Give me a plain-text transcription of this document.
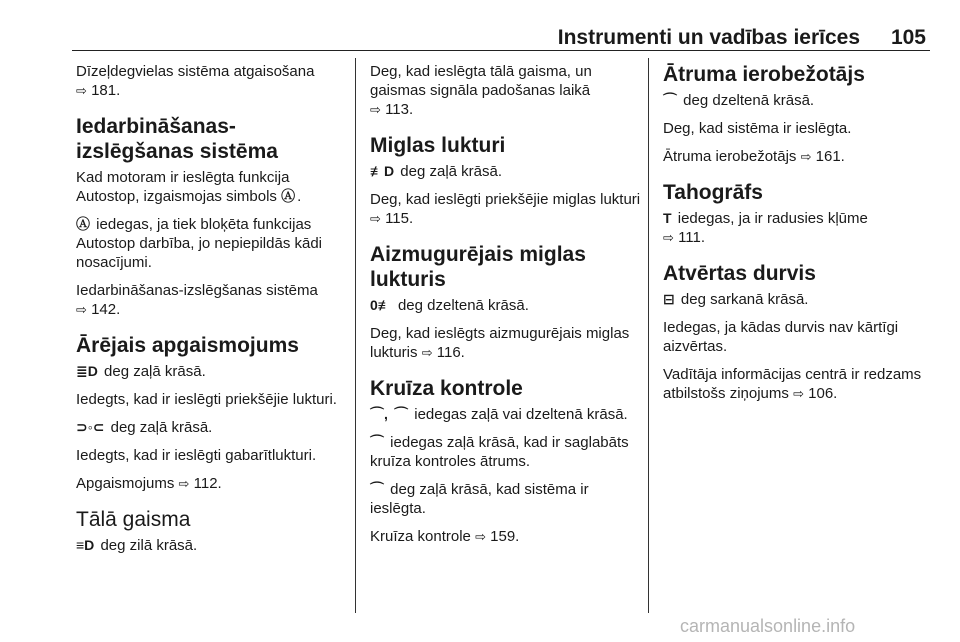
Instrumenti un vadības ierīces 105

Dīzeļdegvielas sistēma atgaisošana
⇨ 181.

Iedarbināšanas-izslēgšanas sistēma

Kad motoram ir ieslēgta funkcija Autostop, izgaismojas simbols Ⓐ .

Ⓐ iedegas, ja tiek bloķēta funkcijas Autostop darbība, jo nepiepildās kādi nosacījumi.

Iedarbināšanas-izslēgšanas sistēma
⇨ 142.

Ārējais apgaismojums

≣D deg zaļā krāsā.

Iedegts, kad ir ieslēgti priekšējie lukturi.

⊃◦⊂ deg zaļā krāsā.

Iedegts, kad ir ieslēgti gabarītlukturi.

Apgaismojums ⇨ 112.

Tālā gaisma

≡D deg zilā krāsā.

Deg, kad ieslēgta tālā gaisma, un gaismas signāla padošanas laikā
⇨ 113.

Miglas lukturi

≢D deg zaļā krāsā.

Deg, kad ieslēgti priekšējie miglas lukturi ⇨ 115.

Aizmugurējais miglas lukturis

0≢ deg dzeltenā krāsā.

Deg, kad ieslēgts aizmugurējais miglas lukturis ⇨ 116.

Kruīza kontrole

⌒, ⌒ iedegas zaļā vai dzeltenā krāsā.

⌒ iedegas zaļā krāsā, kad ir saglabāts kruīza kontroles ātrums.

⌒ deg zaļā krāsā, kad sistēma ir ieslēgta.

Kruīza kontrole ⇨ 159.

Ātruma ierobežotājs

⌒ deg dzeltenā krāsā.

Deg, kad sistēma ir ieslēgta.

Ātruma ierobežotājs ⇨ 161.

Tahogrāfs

T iedegas, ja ir radusies kļūme
⇨ 111.

Atvērtas durvis

⊟ deg sarkanā krāsā.

Iedegas, ja kādas durvis nav kārtīgi aizvērtas.

Vadītāja informācijas centrā ir redzams atbilstošs ziņojums ⇨ 106.

carmanualsonline.info
